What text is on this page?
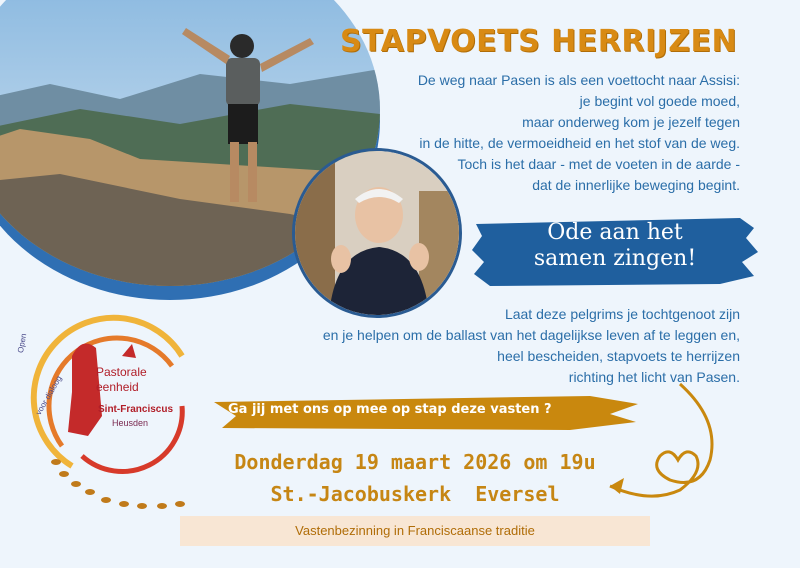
STAPVOETS HERRIJZEN
De weg naar Pasen is als een voettocht naar Assisi:
je begint vol goede moed,
maar onderweg kom je jezelf tegen
in de hitte, de vermoeidheid en het stof van de weg.
Toch is het daar - met de voeten in de aarde -
dat de innerlijke beweging begint.
Ode aan het
samen zingen!
Laat deze pelgrims je tochtgenoot zijn
en je helpen om de ballast van het dagelijkse leven af te leggen en,
heel bescheiden, stapvoets te herrijzen
richting het licht van Pasen.
Ga jij met ons op mee op stap deze vasten ?
Donderdag 19 maart 2026 om 19u
St.-Jacobuskerk  Eversel
Vastenbezinning in Franciscaanse traditie
Pastorale
eenheid
Sint-Franciscus
Heusden
Open
voor dialoog
